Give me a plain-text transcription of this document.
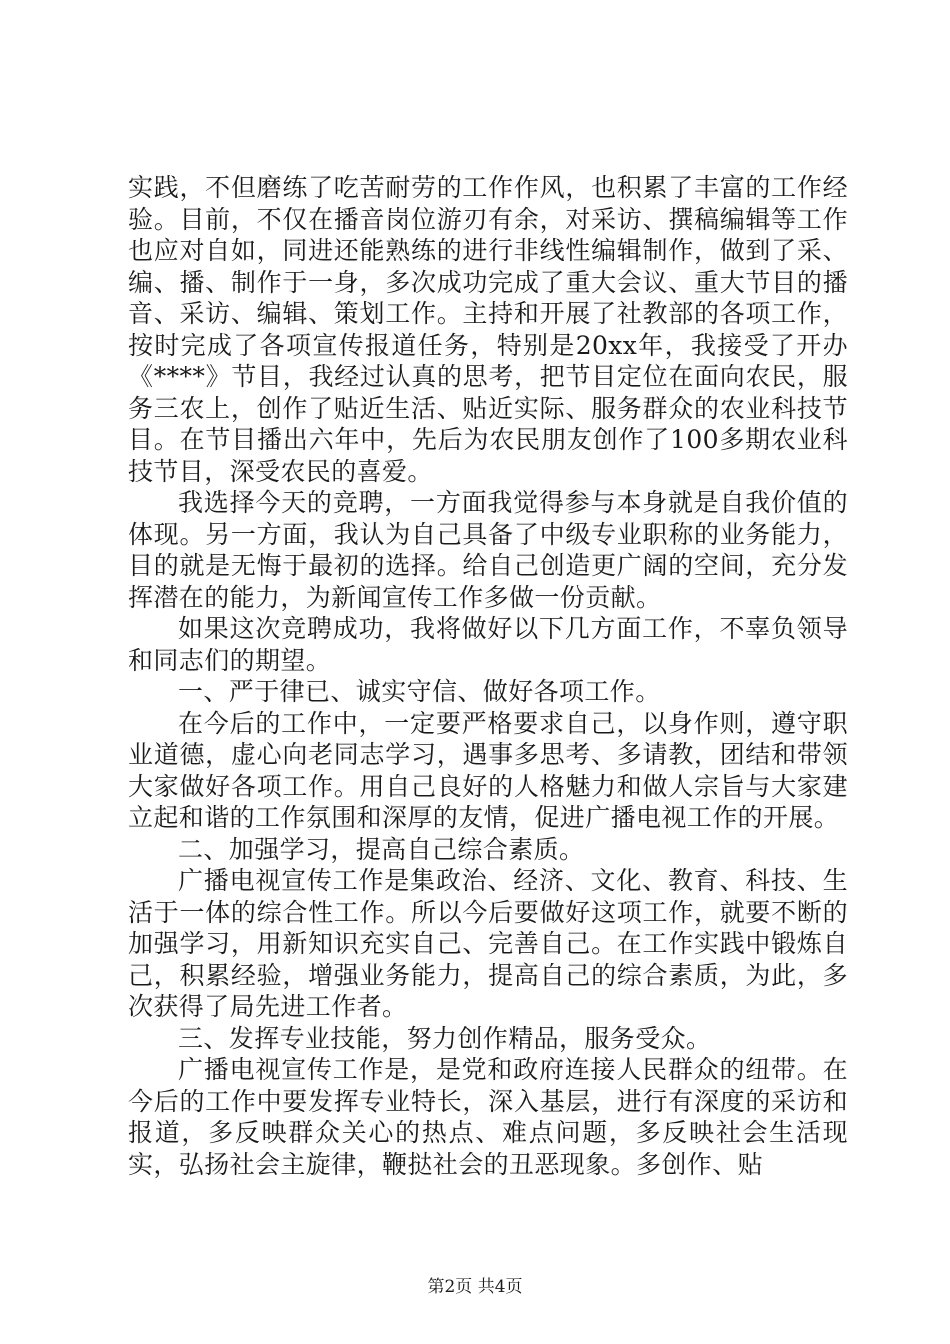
实践，不但磨练了吃苦耐劳的工作作风，也积累了丰富的工作经验。目前，不仅在播音岗位游刃有余，对采访、撰稿编辑等工作也应对自如，同进还能熟练的进行非线性编辑制作，做到了采、编、播、制作于一身，多次成功完成了重大会议、重大节目的播音、采访、编辑、策划工作。主持和开展了社教部的各项工作，按时完成了各项宣传报道任务，特别是20xx年，我接受了开办《****》节目，我经过认真的思考，把节目定位在面向农民，服务三农上，创作了贴近生活、贴近实际、服务群众的农业科技节目。在节目播出六年中，先后为农民朋友创作了100多期农业科技节目，深受农民的喜爱。

我选择今天的竞聘，一方面我觉得参与本身就是自我价值的体现。另一方面，我认为自己具备了中级专业职称的业务能力，目的就是无悔于最初的选择。给自己创造更广阔的空间，充分发挥潜在的能力，为新闻宣传工作多做一份贡献。

如果这次竞聘成功，我将做好以下几方面工作，不辜负领导和同志们的期望。

一、严于律已、诚实守信、做好各项工作。

在今后的工作中，一定要严格要求自己，以身作则，遵守职业道德，虚心向老同志学习，遇事多思考、多请教，团结和带领大家做好各项工作。用自己良好的人格魅力和做人宗旨与大家建立起和谐的工作氛围和深厚的友情，促进广播电视工作的开展。

二、加强学习，提高自己综合素质。

广播电视宣传工作是集政治、经济、文化、教育、科技、生活于一体的综合性工作。所以今后要做好这项工作，就要不断的加强学习，用新知识充实自己、完善自己。在工作实践中锻炼自己，积累经验，增强业务能力，提高自己的综合素质，为此，多次获得了局先进工作者。

三、发挥专业技能，努力创作精品，服务受众。

广播电视宣传工作是，是党和政府连接人民群众的纽带。在今后的工作中要发挥专业特长，深入基层，进行有深度的采访和报道，多反映群众关心的热点、难点问题，多反映社会生活现实，弘扬社会主旋律，鞭挞社会的丑恶现象。多创作、贴

第2页 共4页
